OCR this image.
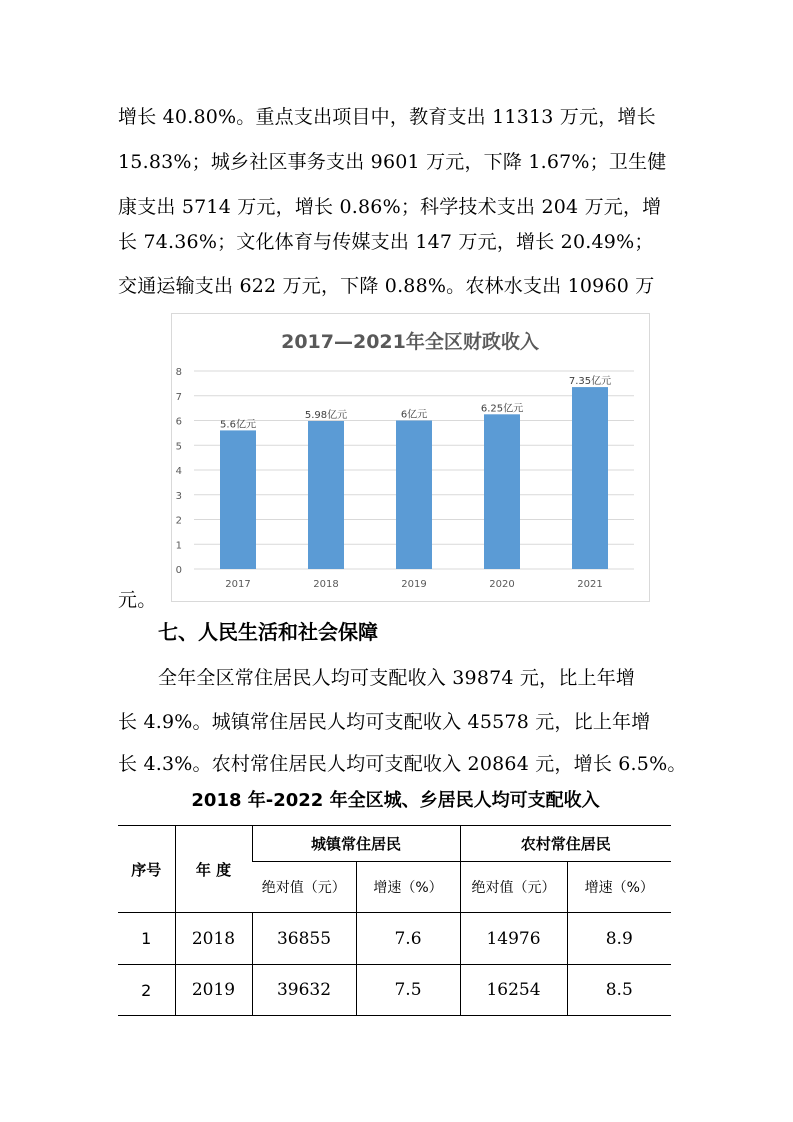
增长 40.80%。重点支出项目中，教育支出 11313 万元，增长
15.83%；城乡社区事务支出 9601 万元，下降 1.67%；卫生健
康支出 5714 万元，增长 0.86%；科学技术支出 204 万元，增
长 74.36%；文化体育与传媒支出 147 万元，增长 20.49%；
交通运输支出 622 万元，下降 0.88%。农林水支出 10960 万
2017—2021年全区财政收入
0
1
2
3
4
5
6
7
8
5.6亿元
2017
5.98亿元
2018
6亿元
2019
6.25亿元
2020
7.35亿元
2021
元。
七、人民生活和社会保障
全年全区常住居民人均可支配收入 39874 元，比上年增
长 4.9%。城镇常住居民人均可支配收入 45578 元，比上年增
长 4.3%。农村常住居民人均可支配收入 20864 元，增长 6.5%。
2018 年-2022 年全区城、乡居民人均可支配收入
序号	年 度	城镇常住居民		农村常住居民	
		绝对值（元）	增速（%）	绝对值（元）	增速（%）
1	2018	36855	7.6	14976	8.9
2	2019	39632	7.5	16254	8.5
